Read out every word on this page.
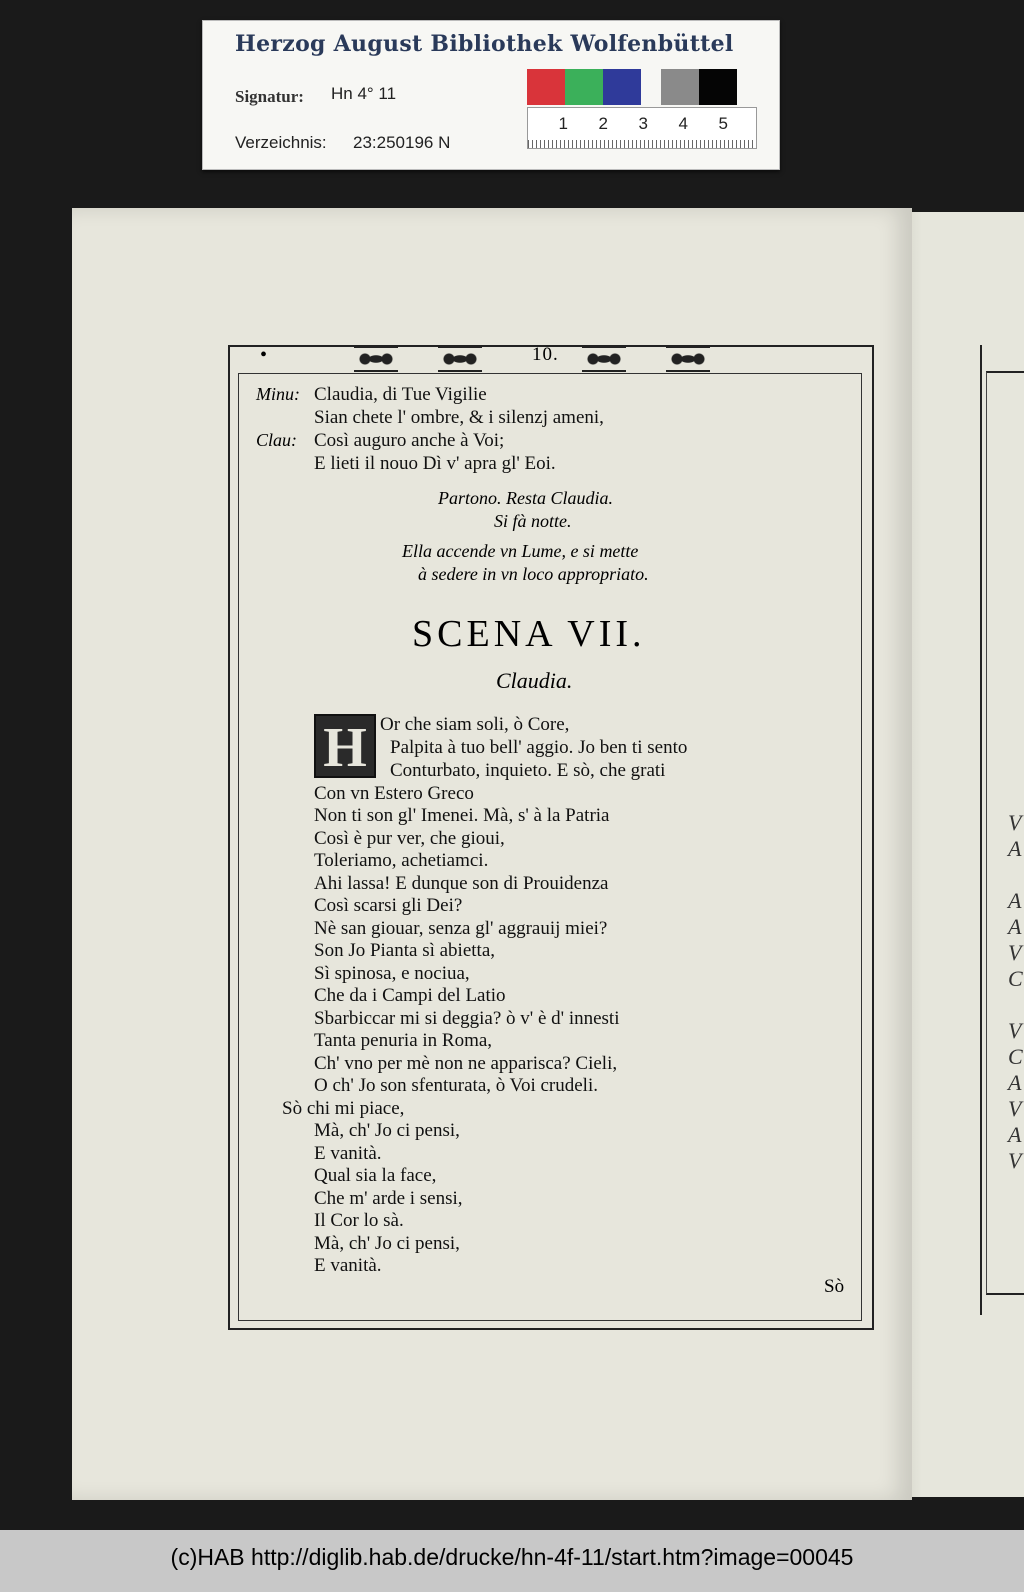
Herzog August Bibliothek Wolfenbüttel
Signatur: Hn 4° 11
Verzeichnis: 23:250196 N
1	2	3	4	5
V
A
A
A
V
C
V
C
A
V
A
V
•	10.
Minu: Claudia, di Tue Vigilie
Sian chete l' ombre, & i silenzj ameni,
Clau: Così auguro anche à Voi;
E lieti il nouo Dì v' apra gl' Eoi.
Partono. Resta Claudia.
Si fà notte.
Ella accende vn Lume, e si mette
à sedere in vn loco appropriato.
SCENA VII.
Claudia.
H Or che siam soli, ò Core,
Palpita à tuo bell' aggio. Jo ben ti sento
Conturbato, inquieto. E sò, che grati
Con vn Estero Greco
Non ti son gl' Imenei. Mà, s' à la Patria
Così è pur ver, che gioui,
Toleriamo, achetiamci.
Ahi lassa! E dunque son di Prouidenza
Così scarsi gli Dei?
Nè san giouar, senza gl' aggrauij miei?
Son Jo Pianta sì abietta,
Sì spinosa, e nociua,
Che da i Campi del Latio
Sbarbiccar mi si deggia? ò v' è d' innesti
Tanta penuria in Roma,
Ch' vno per mè non ne apparisca? Cieli,
O ch' Jo son sfenturata, ò Voi crudeli.
Sò chi mi piace,
Mà, ch' Jo ci pensi,
E vanità.
Qual sia la face,
Che m' arde i sensi,
Il Cor lo sà.
Mà, ch' Jo ci pensi,
E vanità.
Sò
(c)HAB http://diglib.hab.de/drucke/hn-4f-11/start.htm?image=00045
